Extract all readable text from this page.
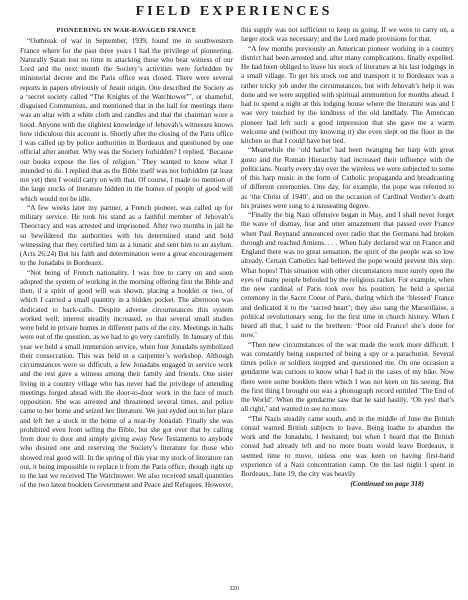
FIELD EXPERIENCES
PIONEERING IN WAR-RAVAGED FRANCE

“Outbreak of war in September, 1939, found me in southwestern France where for the past three years I had the privilege of pioneering. Naturally Satan lost no time in attacking those who bear witness of our Lord and the next month the Society’s activities were forbidden by ministerial decree and the Paris office was closed. There were several reports in papers obviously of Jesuit origin. One described the Society as a ‘secret society called “The Knights of the Watchtower”’, or shameful, disguised Communists, and mentioned that in the hall for meetings there was an altar with a white cloth and candles and that the chairman wore a hood. Anyone with the slightest knowledge of Jehovah’s witnesses knows how ridiculous this account is. Shortly after the closing of the Paris office I was called up by police authorities in Bordeaux and questioned by one official after another. Why was the Society forbidden? I replied, ‘Because our books expose the lies of religion.’ They wanted to know what I intended to do. I replied that as the Bible itself was not forbidden (at least not yet) then I would carry on with that. Of course, I made no mention of the large stocks of literature hidden in the homes of people of good will which would not be idle.

“A few weeks later my partner, a French pioneer, was called up for military service. He took his stand as a faithful member of Jehovah’s Theocracy and was arrested and imprisoned. After two months in jail he so bewildered the authorities with his determined stand and bold witnessing that they certified him as a lunatic and sent him to an asylum. (Acts 26:24) But his faith and determination were a great encouragement to the Jonadabs in Bordeaux.

“Not being of French nationality, I was free to carry on and soon adopted the system of working in the morning offering first the Bible and then, if a spirit of good will was shown, placing a booklet or two, of which I carried a small quantity in a hidden pocket. The afternoon was dedicated to back-calls. Despite adverse circumstances this system worked well; interest steadily increased, so that several small studies were held in private homes in different parts of the city. Meetings in halls were out of the question, as we had to go very carefully. In January of this year we held a small immersion service, when four Jonadabs symbolized their consecration. This was held in a carpenter’s workshop. Although circumstances were so difficult, a few Jonadabs engaged in service work and the rest gave a witness among their family and friends. One sister living in a country village who has never had the privilege of attending meetings forged ahead with the door-to-door work in the face of much opposition. She was arrested and threatened several times, and police came to her home and seized her literature. We just eyded out to her place and left her a stock in the home of a near-by Jonadab. Finally she was prohibited even from selling the Bible, but she got over that by calling from door to door and simply giving away New Testaments to anybody who desired one and reserving the Society’s literature for those who showed real good will. In the spring of this year my stock of literature ran out, it being impossible to replace it from the Paris office, though right up to the last we received The Watchtower. We also received small quantities of the two latest booklets Government and Peace and Refugees. However,

this supply was not sufficient to keep us going. If we were to carry on, a larger stock was necessary; and the Lord made provisions for that.

“A few months previously an American pioneer working in a country district had been arrested and, after many complications, finally expelled. He had been obliged to leave his stock of literature at his last lodgings in a small village. To get his stock out and transport it to Bordeaux was a rather tricky job under the circumstances, but with Jehovah’s help it was done and we were supplied with spiritual ammunition for months ahead. I had to spend a night at this lodging house where the literature was and I was very touched by the kindness of the old landlady. The American pioneer had left such a good impression that she gave me a warm welcome and (without my knowing it) she even slept on the floor in the kitchen so that I could have her bed.

“Meanwhile the ‘old harlot’ had been twanging her harp with great gusto and the Roman Hierarchy had increased their influence with the politicians. Nearly every day over the wireless we were subjected to some of this harp music in the form of Catholic propaganda and broadcasting of different ceremonies. One day, for example, the pope was referred to as ‘the Christ of 1940’, and on the occasion of Cardinal Verdier’s death his praises were sung to a nauseating degree.

“Finally the big Nazi offensive began in May, and I shall never forget the wave of dismay, fear and utter amazement that passed over France when Paul Reynaud announced over radio that the Germans had broken through and reached Amiens. . . . When Italy declared war on France and England there was no great sensation, the spirit of the people was so low already. Certain Catholics had believed the pope would prevent this step. What hopes! This situation with other circumstances must surely open the eyes of many people befooled by the religious racket. For example, when the new cardinal of Paris took over his position, he held a special ceremony in the Sacre Coeur of Paris, during which the ‘blessed’ France and dedicated it to the ‘sacred heart’; they also sang the Marseillaise, a political revolutionary song, for the first time in church history. When I heard all that, I said to the brethren: ‘Poor old France! she’s done for now.’

“Then new circumstances of the war made the work more difficult. I was constantly being suspected of being a spy or a parachutist. Several times police or soldiers stopped and questioned me. On one occasion a gendarme was curious to know what I had in the cases of my bike. Now there were some booklets there which I was not keen on his seeing. But the first thing I brought out was a phonograph record entitled ‘The End of the World’. When the gendarme saw that he said hastily, ‘Oh yes! that’s all right,’ and wanted to see no more.

“The Nazis steadily came south, and in the middle of June the British consul warned British subjects to leave. Being loathe to abandon the work and the Jonadabs, I hesitated; but when I heard that the British consul had already left and no more boats would leave Bordeaux, it seemed time to move, unless one was keen on having first-hand experience of a Nazi concentration camp. On the last night I spent in Bordeaux, June 19, the city was heavily

(Continued on page 318)
320
